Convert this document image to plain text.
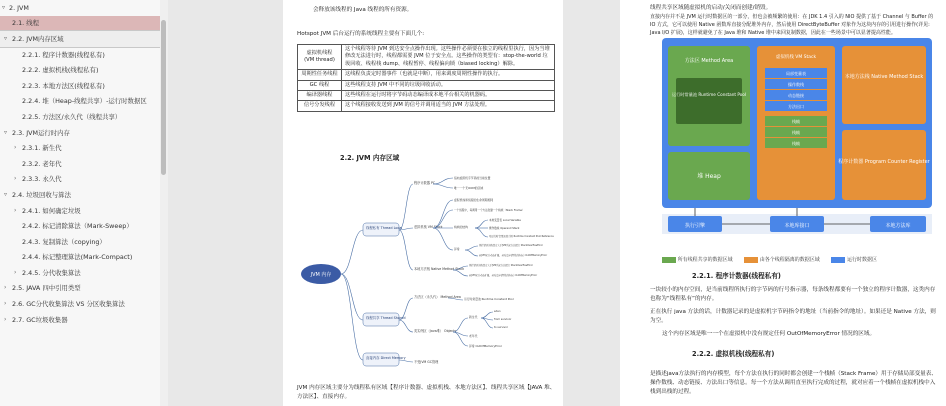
▿ 2. JVM
2.1. 线程
▿ 2.2. JVM内存区域
2.2.1. 程序计数器(线程私有)
2.2.2. 虚拟机栈(线程私有)
2.2.3. 本地方法区(线程私有)
2.2.4. 堆（Heap-线程共享）-运行时数据区
2.2.5. 方法区/永久代（线程共享）
▿ 2.3. JVM运行时内存
› 2.3.1. 新生代
2.3.2. 老年代
› 2.3.3. 永久代
▿ 2.4. 垃圾回收与算法
› 2.4.1. 如何确定垃圾
2.4.2. 标记清除算法（Mark-Sweep）
2.4.3. 复制算法（copying）
2.4.4. 标记整理算法(Mark-Compact)
› 2.4.5. 分代收集算法
› 2.5. JAVA 四中引用类型
› 2.6. GC分代收集算法 VS 分区收集算法
› 2.7. GC垃圾收集器
会释放该线程的 Java 线程的所有资源。
Hotspot JVM 后台运行的系统线程主要有下面几个:
虚拟机线程 (VM thread)	这个线程等待 JVM 到达安全点操作出现。这些操作必须要在独立的线程里执行，因为当堆修改无法进行时，线程都需要 JVM 位于安全点。这些操作的类型有：stop-the-world 垃圾回收、线程栈 dump、线程暂停、线程偏向锁（biased locking）解除。
周期性任务线程	这线程负责定时器事件（也就是中断），用来调度周期性操作的执行。
GC 线程	这些线程支持 JVM 中不同的垃圾回收活动。
编译器线程	这些线程在运行时将字节码动态编译成本地平台相关的机器码。
信号分发线程	这个线程接收发送到 JVM 的信号并调用适当的 JVM 方法处理。
2.2. JVM 内存区域
JVM 内存
线程私有 Thread Local
线程共享 Thread Shared
直接内存 Direct Memory
程序计数器 PC
指向虚拟机字节码的当前位置
唯一一个无OOM的区域
虚拟机栈 VM Stack
虚拟机栈和线程的生命周期相同
一个线程中，每调用一个方法创建一个栈帧（Stack Frame）
栈帧的结构
本地变量表 Local Variable
操作数栈 Operand Stack
对运行时常量池的引用 Runtime Constant Pool Reference
异常
线程请求的栈深度大于JVM所允许的深度 StackOverflowError
若JVM允许动态扩展，若无法申请到足够内存 OutOfMemoryError
本地方法栈 Native Method Stack
线程请求的栈深度大于JVM所允许的深度 StackOverflowError
若JVM允许动态扩展，若无法申请到足够内存 OutOfMemoryError
方法区（永久代） Method Area 运行时常量池 Runtime Constant Pool
类实例区（Java堆） Objects
新生代
eden
from survivor
to survivor
老年代
异常 OutOfMemoryError
不受JVM GC管理
JVM 内存区域主要分为线程私有区域【程序计数器、虚拟机栈、本地方法区】、线程共享区域【JAVA 堆、方法区】、直接内存。
线程共享区域随虚拟机的启动/关闭而创建/销毁。
直接内存并不是 JVM 运行时数据区的一部分，但也会被频繁的使用：在 JDK 1.4 引入的 NIO 提供了基于 Channel 与 Buffer 的 IO 方式，它可以使用 Native 函数库直接分配堆外内存，然后使用 DirectByteBuffer 对象作为这块内存的引用进行操作(详见: Java I/O 扩展)，这样就避免了在 Java 堆和 Native 堆中来回复制数据，因此在一些场景中可以显著提高性能。
方法区 Method Area
运行时常量池 Runtime Constant Pool
堆 Heap
虚拟机栈 VM Stack
局部变量表
操作数栈
动态链接
方法出口
栈帧
栈帧
栈帧
本地方法栈 Native Method Stack
程序计数器 Program Counter Register
执行引擎	本地库接口	本地方法库
所有线程共享的数据区域	由各个线程隔离的数据区域	运行时数据区
2.2.1. 程序计数器(线程私有)
一块较小的内存空间，是当前线程所执行的字节码的行号指示器，每条线程都要有一个独立的程序计数器，这类内存也称为“线程私有”的内存。
正在执行 java 方法的话，计数器记录的是虚拟机字节码指令的地址（当前指令的地址）。如果还是 Native 方法，则为空。
这个内存区域是唯一一个在虚拟机中没有规定任何 OutOfMemoryError 情况的区域。
2.2.2. 虚拟机栈(线程私有)
是描述java方法执行的内存模型，每个方法在执行的同时都会创建一个栈帧（Stack Frame）用于存储局部变量表、操作数栈、动态链接、方法出口等信息。每一个方法从调用直至执行完成的过程，就对应着一个栈帧在虚拟机栈中入栈到出栈的过程。
